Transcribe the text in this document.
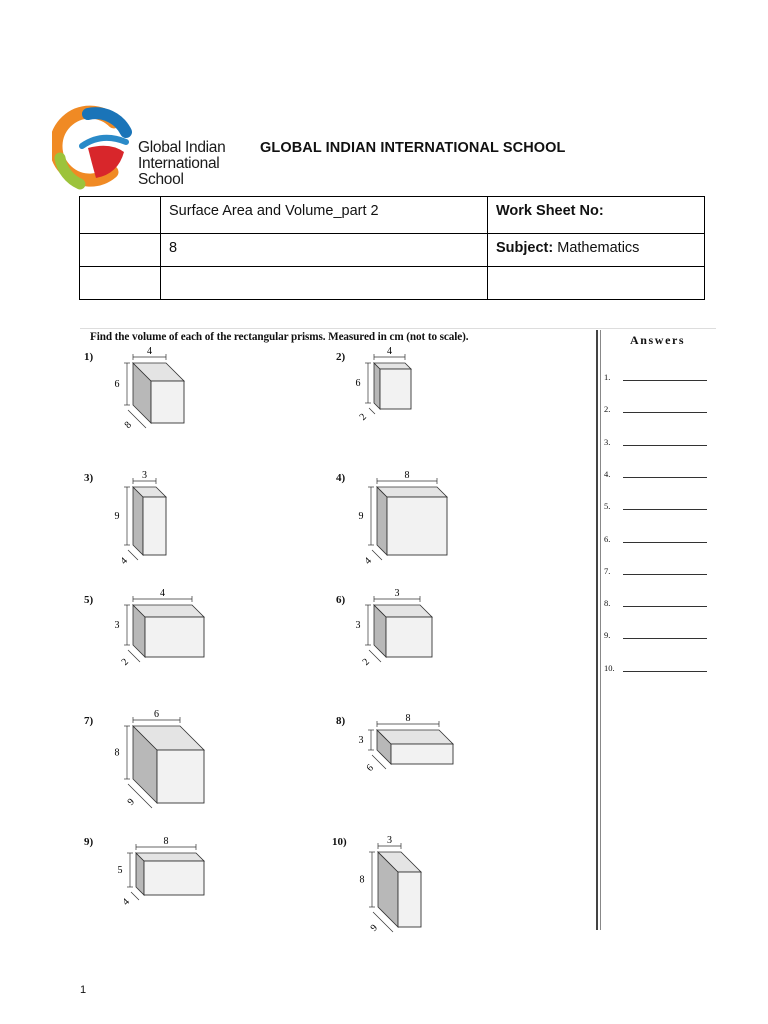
Global Indian
International
School
GLOBAL INDIAN INTERNATIONAL SCHOOL
	Surface Area and Volume_part 2	Work Sheet No:
	8	Subject: Mathematics

Find the volume of each of the rectangular prisms. Measured in cm (not to scale).
4
6
8
4
6
2
3
9
4
8
9
4
4
3
2
3
3
2
6
8
9
8
3
6
8
5
4
3
8
9
1)	2)
3)	4)
5)	6)
7)	8)
9)	10)
Answers
1.
2.
3.
4.
5.
6.
7.
8.
9.
10.
1
